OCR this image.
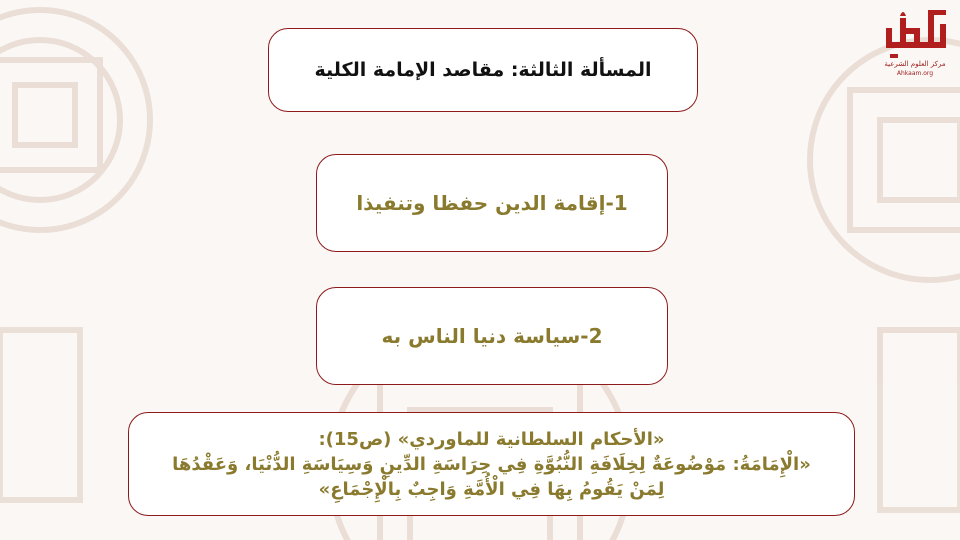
مركز العلوم الشرعية
Ahkaam.org
المسألة الثالثة: مقاصد الإمامة الكلية
1-إقامة الدين حفظا وتنفيذا
2-سياسة دنيا الناس به
«الأحكام السلطانية للماوردي» (ص15):
«الْإِمَامَةُ: مَوْضُوعَةٌ لِخِلَافَةِ النُّبُوَّةِ فِي حِرَاسَةِ الدِّينِ وَسِيَاسَةِ الدُّنْيَا، وَعَقْدُهَا
لِمَنْ يَقُومُ بِهَا فِي الْأُمَّةِ وَاجِبٌ بِالْإِجْمَاعِ»
